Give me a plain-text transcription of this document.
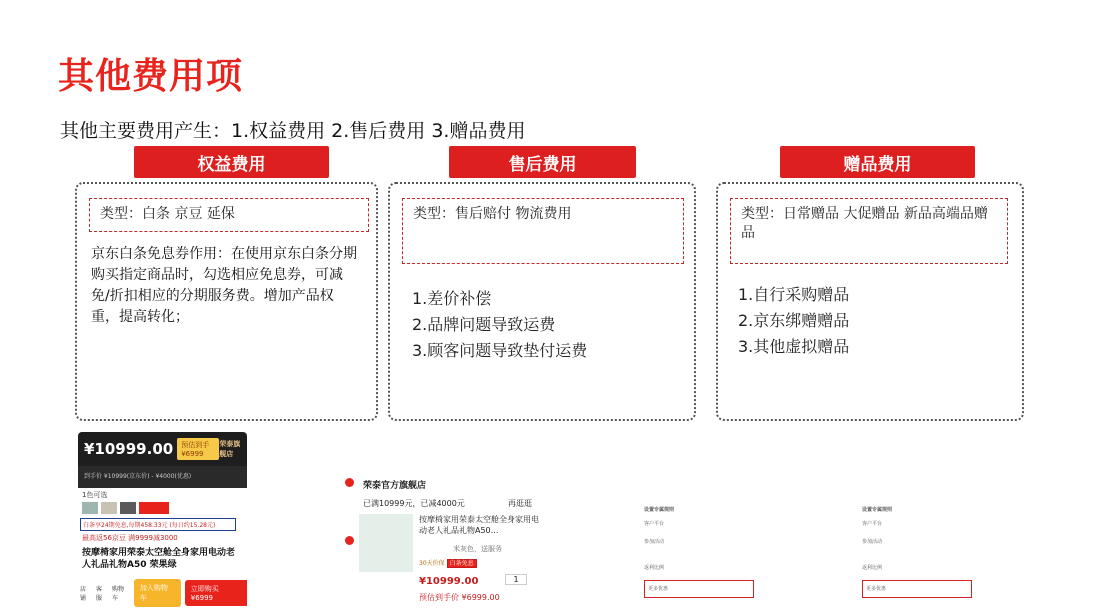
其他费用项
其他主要费用产生：1.权益费用 2.售后费用 3.赠品费用
权益费用
类型：白条 京豆 延保
京东白条免息券作用：在使用京东白条分期购买指定商品时，勾选相应免息券，可减免/折扣相应的分期服务费。增加产品权重，提高转化；
售后费用
类型：售后赔付 物流费用
1.差价补偿
2.品牌问题导致运费
3.顾客问题导致垫付运费
赠品费用
类型：日常赠品 大促赠品 新品高端品赠品
1.自行采购赠品
2.京东绑赠赠品
3.其他虚拟赠品
¥10999.00	预估到手¥6999
荣泰旗舰店
到手价 ¥10999(京东价) - ¥4000(优惠)
1色可选
白条享24期免息,每期458.33元 (每日约15.28元)
最高返56京豆 满9999减3000
按摩椅家用荣泰太空舱全身家用电动老人礼品礼物A50 荣果绿
店铺
客服
购物车
加入购物车
立即购买 ¥6999
荣泰官方旗舰店
已满10999元，已减4000元	再逛逛
按摩椅家用荣泰太空舱全身家用电动老人礼品礼物A50…
米灰色，送服务
30天价保 白条免息
¥10999.00	1
预估到手价 ¥6999.00
设置专属规则
客户平台
参加活动
返利比例
更多优惠
设置专属规则
客户平台
参加活动
返利比例
更多优惠
